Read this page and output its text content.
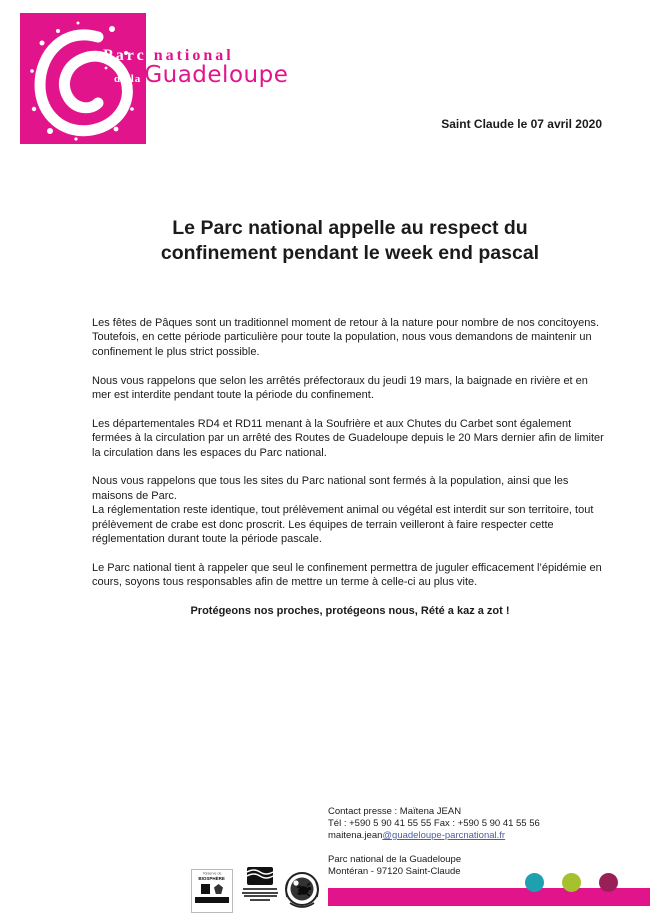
Parc national
de la Guadeloupe
Saint Claude le 07 avril 2020
Le Parc national appelle au respect du confinement pendant le week end pascal

Les fêtes de Pâques sont un traditionnel moment de retour à la nature pour nombre de nos concitoyens. Toutefois, en cette période particulière pour toute la population, nous vous demandons de maintenir un confinement le plus strict possible.

Nous vous rappelons que selon les arrêtés préfectoraux du jeudi 19 mars, la baignade en rivière et en mer est interdite pendant toute la période du confinement.

Les départementales RD4 et RD11 menant à la Soufrière et aux Chutes du Carbet sont également fermées à la circulation par un arrêté des Routes de Guadeloupe depuis le 20 Mars dernier afin de limiter la circulation dans les espaces du Parc national.

Nous vous rappelons que tous les sites du Parc national sont fermés à la population, ainsi que les maisons de Parc.

La réglementation reste identique, tout prélèvement animal ou végétal est interdit sur son territoire, tout prélèvement de crabe est donc proscrit. Les équipes de terrain veilleront à faire respecter cette réglementation durant toute la période pascale.

Le Parc national tient à rappeler que seul le confinement permettra de juguler efficacement l’épidémie en cours, soyons tous responsables afin de mettre un terme à celle-ci au plus vite.

Protégeons nos proches, protégeons nous, Rété a kaz a zot !

Contact presse : Maïtena JEAN
Tél : +590 5 90 41 55 55 Fax : +590 5 90 41 55 56
maitena.jean@guadeloupe-parcnational.fr
Parc national de la Guadeloupe
Montéran - 97120 Saint-Claude
Réserve de
BIOSPHÈRE
Ramsar
